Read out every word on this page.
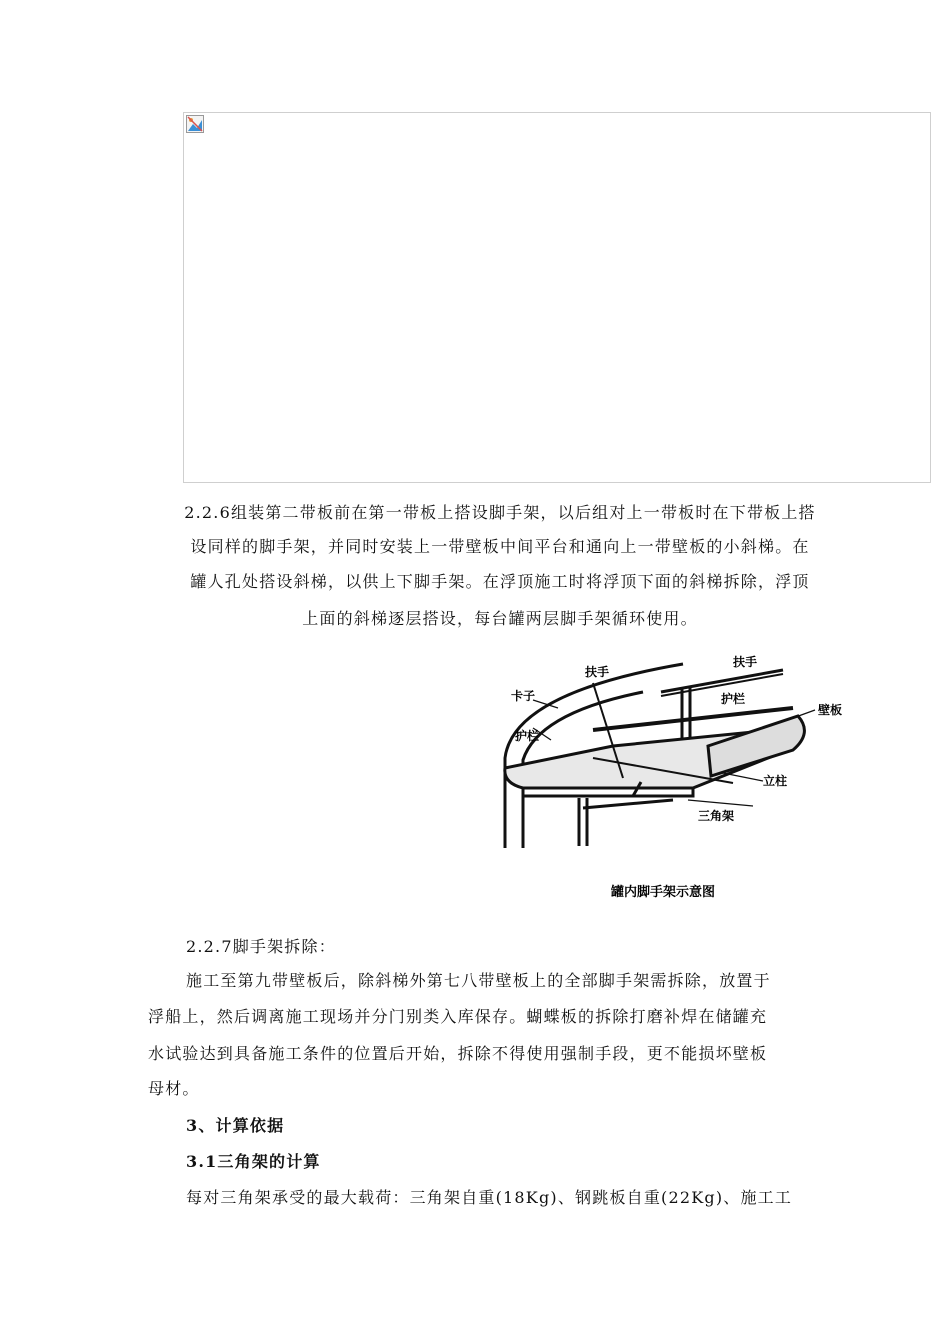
2.2.6组装第二带板前在第一带板上搭设脚手架，以后组对上一带板时在下带板上搭
设同样的脚手架，并同时安装上一带壁板中间平台和通向上一带壁板的小斜梯。在
罐人孔处搭设斜梯，以供上下脚手架。在浮顶施工时将浮顶下面的斜梯拆除，浮顶
上面的斜梯逐层搭设，每台罐两层脚手架循环使用。
扶手
扶手
卡子	护栏
壁板
护栏
立柱
三角架
罐内脚手架示意图
2.2.7脚手架拆除：
施工至第九带壁板后，除斜梯外第七八带壁板上的全部脚手架需拆除，放置于
浮船上，然后调离施工现场并分门别类入库保存。蝴蝶板的拆除打磨补焊在储罐充
水试验达到具备施工条件的位置后开始，拆除不得使用强制手段，更不能损坏壁板
母材。
3、计算依据
3.1三角架的计算
每对三角架承受的最大载荷：三角架自重(18Kg)、钢跳板自重(22Kg)、施工工
